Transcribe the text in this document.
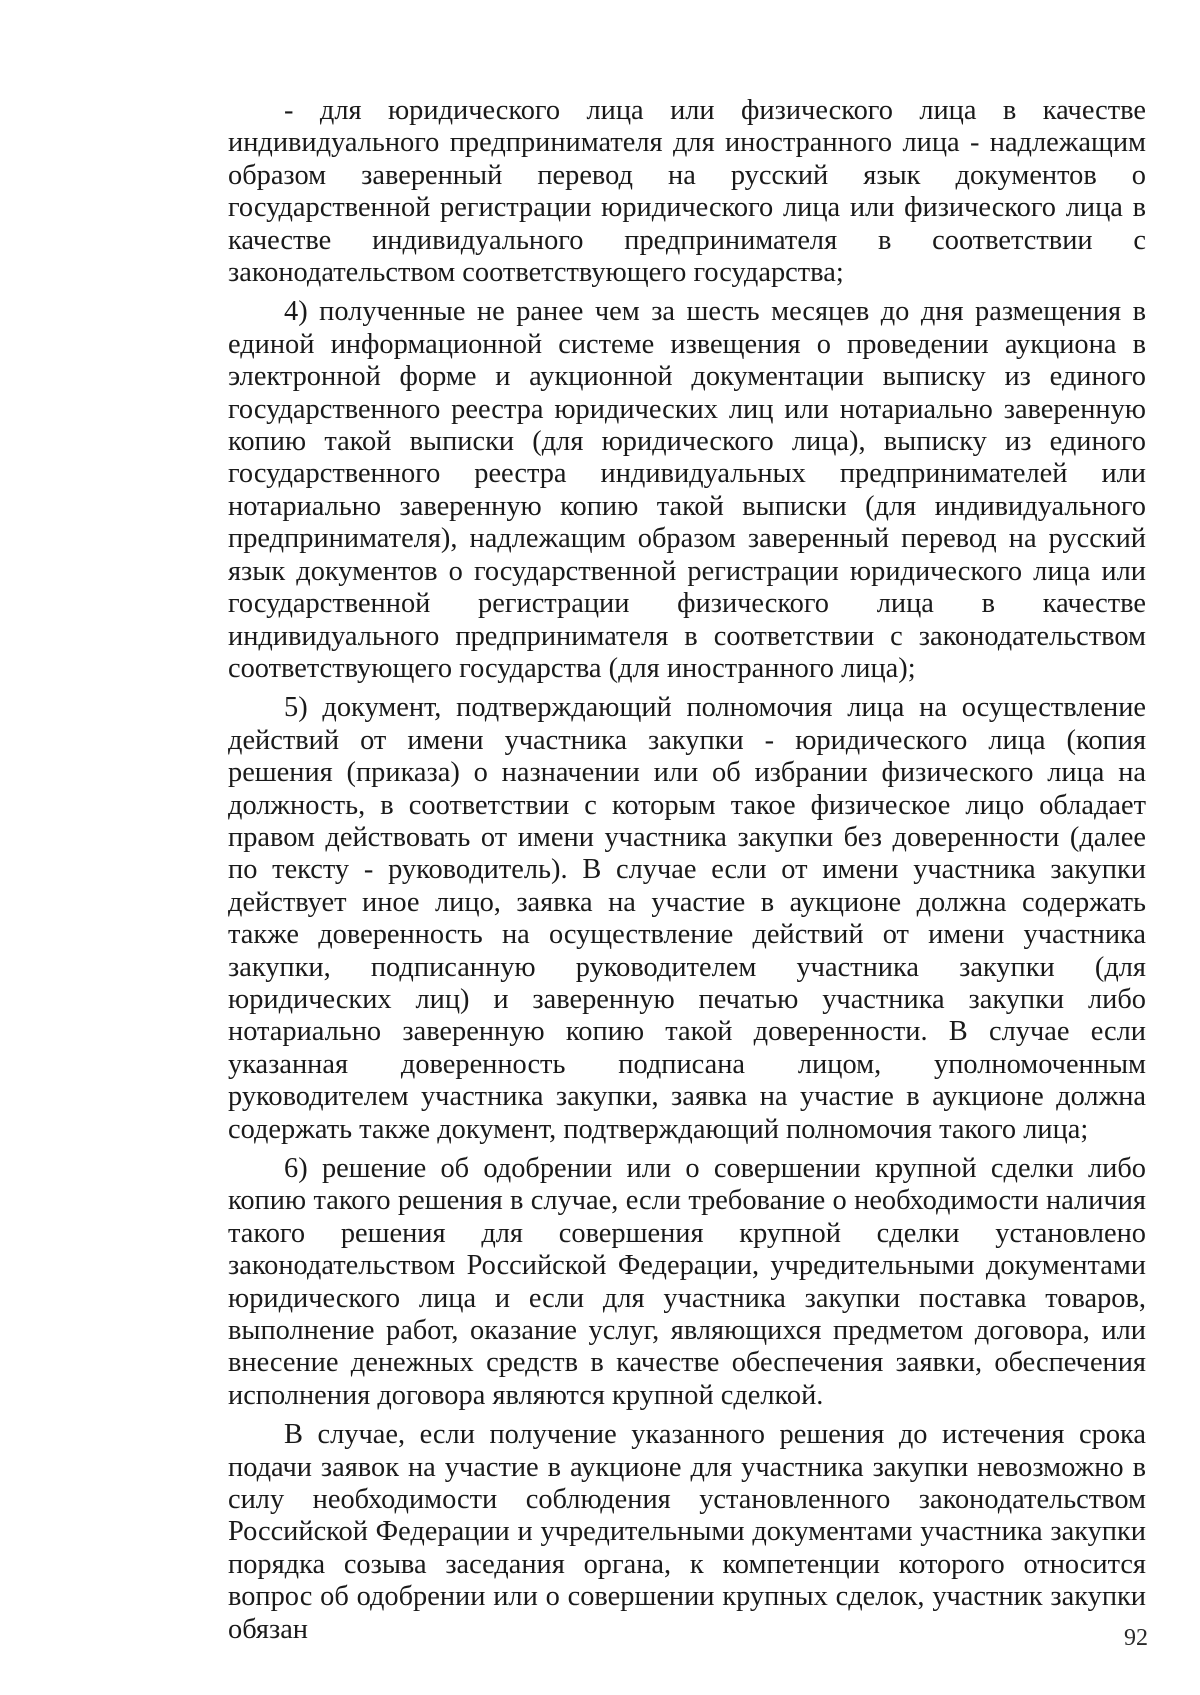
- для юридического лица или физического лица в качестве индивидуального предпринимателя для иностранного лица - надлежащим образом заверенный перевод на русский язык документов о государственной регистрации юридического лица или физического лица в качестве индивидуального предпринимателя в соответствии с законодательством соответствующего государства;

4) полученные не ранее чем за шесть месяцев до дня размещения в единой информационной системе извещения о проведении аукциона в электронной форме и аукционной документации выписку из единого государственного реестра юридических лиц или нотариально заверенную копию такой выписки (для юридического лица), выписку из единого государственного реестра индивидуальных предпринимателей или нотариально заверенную копию такой выписки (для индивидуального предпринимателя), надлежащим образом заверенный перевод на русский язык документов о государственной регистрации юридического лица или государственной регистрации физического лица в качестве индивидуального предпринимателя в соответствии с законодательством соответствующего государства (для иностранного лица);

5) документ, подтверждающий полномочия лица на осуществление действий от имени участника закупки - юридического лица (копия решения (приказа) о назначении или об избрании физического лица на должность, в соответствии с которым такое физическое лицо обладает правом действовать от имени участника закупки без доверенности (далее по тексту - руководитель). В случае если от имени участника закупки действует иное лицо, заявка на участие в аукционе должна содержать также доверенность на осуществление действий от имени участника закупки, подписанную руководителем участника закупки (для юридических лиц) и заверенную печатью участника закупки либо нотариально заверенную копию такой доверенности. В случае если указанная доверенность подписана лицом, уполномоченным руководителем участника закупки, заявка на участие в аукционе должна содержать также документ, подтверждающий полномочия такого лица;

6) решение об одобрении или о совершении крупной сделки либо копию такого решения в случае, если требование о необходимости наличия такого решения для совершения крупной сделки установлено законодательством Российской Федерации, учредительными документами юридического лица и если для участника закупки поставка товаров, выполнение работ, оказание услуг, являющихся предметом договора, или внесение денежных средств в качестве обеспечения заявки, обеспечения исполнения договора являются крупной сделкой.

В случае, если получение указанного решения до истечения срока подачи заявок на участие в аукционе для участника закупки невозможно в силу необходимости соблюдения установленного законодательством Российской Федерации и учредительными документами участника закупки порядка созыва заседания органа, к компетенции которого относится вопрос об одобрении или о совершении крупных сделок, участник закупки обязан	92
